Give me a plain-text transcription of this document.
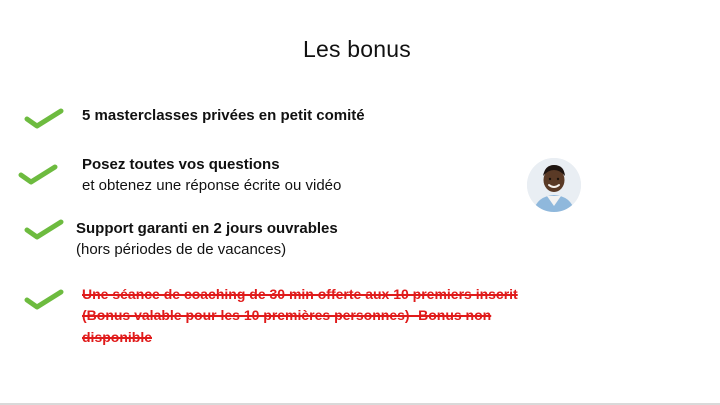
Les bonus
5 masterclasses privées en petit comité
Posez toutes vos questions
et obtenez une réponse écrite ou vidéo
Support garanti en 2 jours ouvrables
(hors périodes de de vacances)
Une séance de coaching de 30 min offerte aux 10 premiers inscrit
(Bonus valable pour les 10 premières personnes)- Bonus non
disponible
